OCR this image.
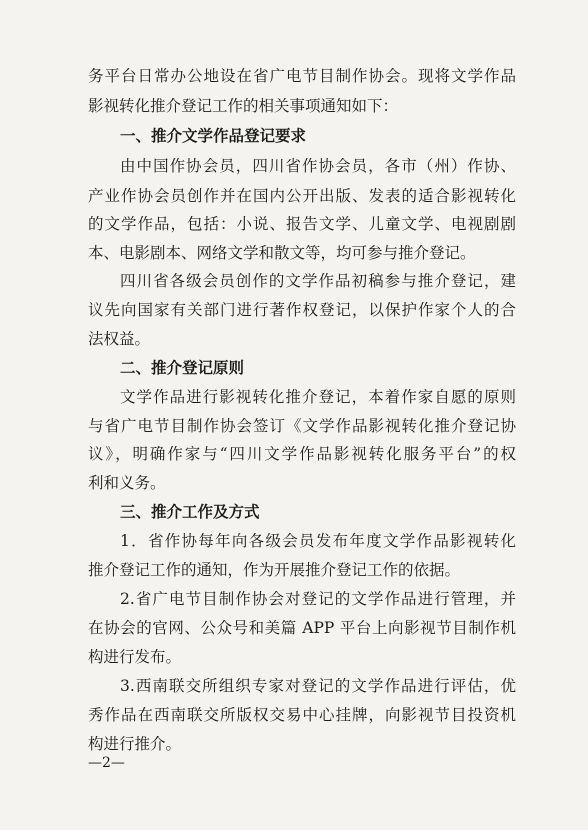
务平台日常办公地设在省广电节目制作协会。现将文学作品
影视转化推介登记工作的相关事项通知如下：
一、推介文学作品登记要求
由中国作协会员，四川省作协会员，各市（州）作协、
产业作协会员创作并在国内公开出版、发表的适合影视转化
的文学作品，包括：小说、报告文学、儿童文学、电视剧剧
本、电影剧本、网络文学和散文等，均可参与推介登记。
四川省各级会员创作的文学作品初稿参与推介登记，建
议先向国家有关部门进行著作权登记，以保护作家个人的合
法权益。
二、推介登记原则
文学作品进行影视转化推介登记，本着作家自愿的原则
与省广电节目制作协会签订《文学作品影视转化推介登记协
议》，明确作家与“四川文学作品影视转化服务平台”的权
利和义务。
三、推介工作及方式
1．省作协每年向各级会员发布年度文学作品影视转化
推介登记工作的通知，作为开展推介登记工作的依据。
2.省广电节目制作协会对登记的文学作品进行管理，并
在协会的官网、公众号和美篇 APP 平台上向影视节目制作机
构进行发布。
3.西南联交所组织专家对登记的文学作品进行评估，优
秀作品在西南联交所版权交易中心挂牌，向影视节目投资机
构进行推介。
—2—
